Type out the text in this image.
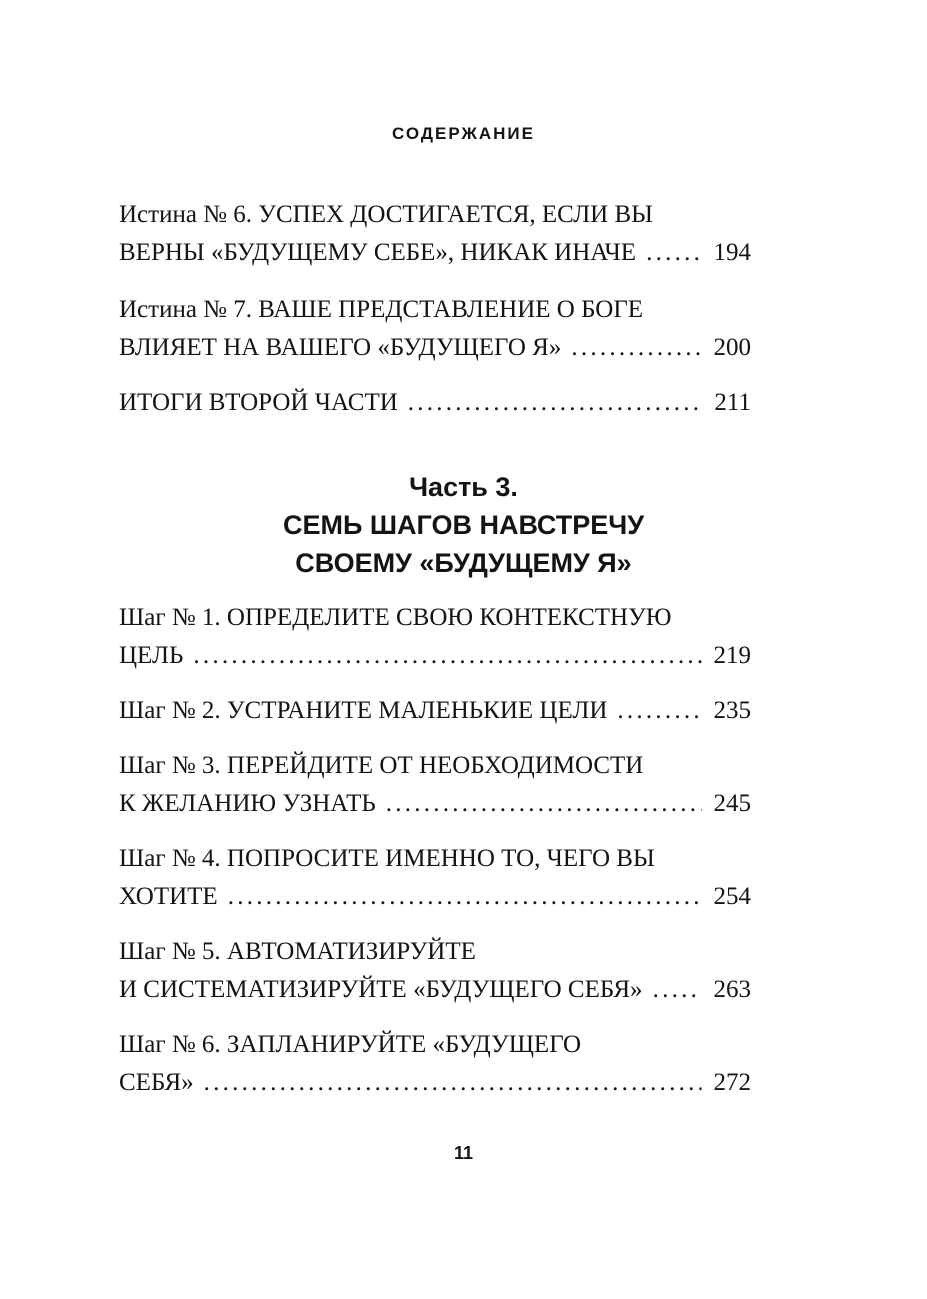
СОДЕРЖАНИЕ
Истина № 6. УСПЕХ ДОСТИГАЕТСЯ, ЕСЛИ ВЫ
ВЕРНЫ «БУДУЩЕМУ СЕБЕ», НИКАК ИНАЧЕ . . .	194
Истина № 7. ВАШЕ ПРЕДСТАВЛЕНИЕ О БОГЕ
ВЛИЯЕТ НА ВАШЕГО «БУДУЩЕГО Я» . . .	200
ИТОГИ ВТОРОЙ ЧАСТИ . . .	211
Часть 3.
СЕМЬ ШАГОВ НАВСТРЕЧУ
СВОЕМУ «БУДУЩЕМУ Я»
Шаг № 1. ОПРЕДЕЛИТЕ СВОЮ КОНТЕКСТНУЮ
ЦЕЛЬ . . .	219
Шаг № 2. УСТРАНИТЕ МАЛЕНЬКИЕ ЦЕЛИ . . .	235
Шаг № 3. ПЕРЕЙДИТЕ ОТ НЕОБХОДИМОСТИ
К ЖЕЛАНИЮ УЗНАТЬ . . .	245
Шаг № 4. ПОПРОСИТЕ ИМЕННО ТО, ЧЕГО ВЫ
ХОТИТЕ . . .	254
Шаг № 5. АВТОМАТИЗИРУЙТЕ
И СИСТЕМАТИЗИРУЙТЕ «БУДУЩЕГО СЕБЯ» . . .	263
Шаг № 6. ЗАПЛАНИРУЙТЕ «БУДУЩЕГО
СЕБЯ» . . .	272
11
